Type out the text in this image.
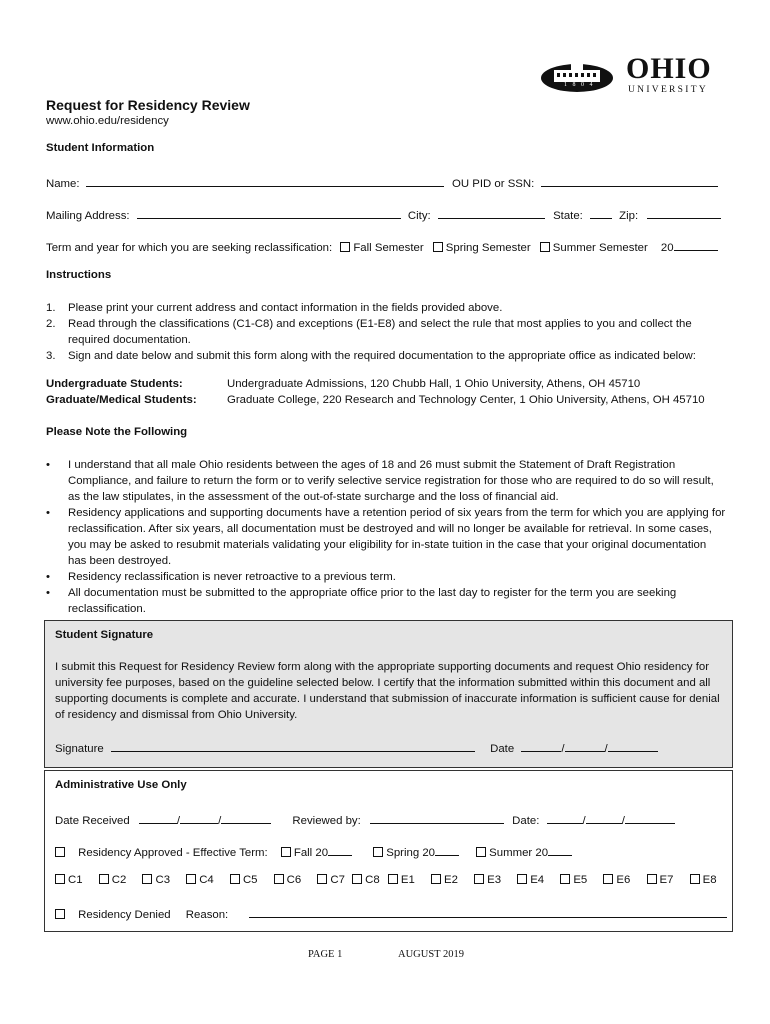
1 8 0 4 OHIO
UNIVERSITY
Request for Residency Review
www.ohio.edu/residency
Student Information
Name:	OU PID or SSN:
Mailing Address:	City:	State:	Zip:
Term and year for which you are seeking reclassification: Fall Semester Spring Semester Summer Semester 20
Instructions
1.	Please print your current address and contact information in the fields provided above.
2.	Read through the classifications (C1-C8) and exceptions (E1-E8) and select the rule that most applies to you and collect the required documentation.
3.	Sign and date below and submit this form along with the required documentation to the appropriate office as indicated below:
Undergraduate Students:	Undergraduate Admissions, 120 Chubb Hall, 1 Ohio University, Athens, OH 45710
Graduate/Medical Students:	Graduate College, 220 Research and Technology Center, 1 Ohio University, Athens, OH 45710
Please Note the Following
•	I understand that all male Ohio residents between the ages of 18 and 26 must submit the Statement of Draft Registration Compliance, and failure to return the form or to verify selective service registration for those who are required to do so will result, as the law stipulates, in the assessment of the out-of-state surcharge and the loss of financial aid.
•	Residency applications and supporting documents have a retention period of six years from the term for which you are applying for reclassification. After six years, all documentation must be destroyed and will no longer be available for retrieval. In some cases, you may be asked to resubmit materials validating your eligibility for in-state tuition in the case that your original documentation has been destroyed.
•	Residency reclassification is never retroactive to a previous term.
•	All documentation must be submitted to the appropriate office prior to the last day to register for the term you are seeking reclassification.
Student Signature
I submit this Request for Residency Review form along with the appropriate supporting documents and request Ohio residency for university fee purposes, based on the guideline selected below. I certify that the information submitted within this document and all supporting documents is complete and accurate. I understand that submission of inaccurate information is sufficient cause for denial of residency and dismissal from Ohio University.
Signature	Date	/	/
Administrative Use Only
Date Received	/	/	Reviewed by:	Date:	/	/
Residency Approved - Effective Term: Fall 20	Spring 20	Summer 20
C1	C2	C3	C4	C5	C6	C7 C8 E1	E2	E3	E4	E5	E6	E7	E8
Residency Denied Reason:
PAGE 1	AUGUST 2019
